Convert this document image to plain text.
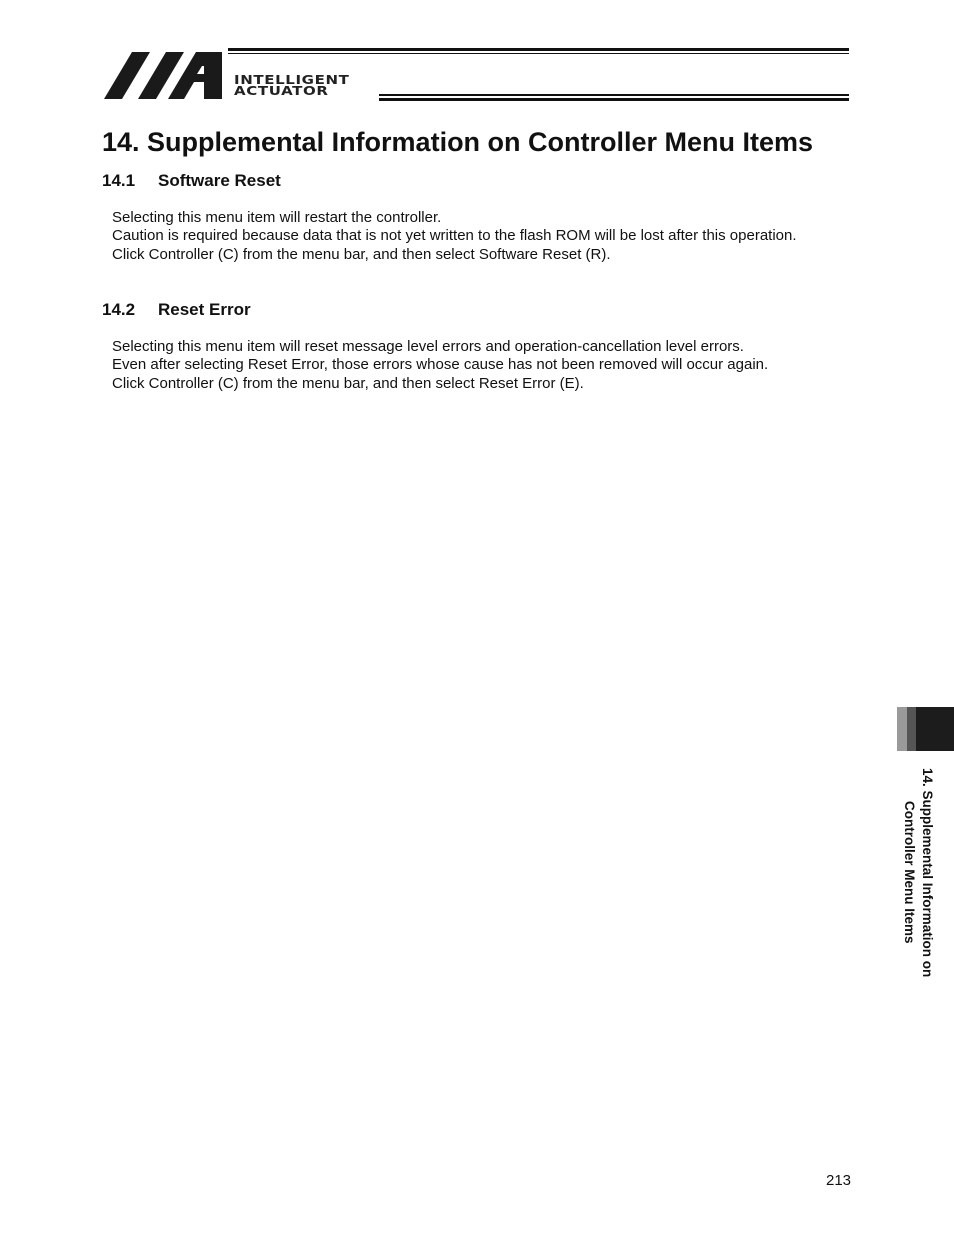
INTELLIGENT
ACTUATOR
14. Supplemental Information on Controller Menu Items
14.1 Software Reset
Selecting this menu item will restart the controller.
Caution is required because data that is not yet written to the flash ROM will be lost after this operation.
Click Controller (C) from the menu bar, and then select Software Reset (R).
14.2 Reset Error
Selecting this menu item will reset message level errors and operation-cancellation level errors.
Even after selecting Reset Error, those errors whose cause has not been removed will occur again.
Click Controller (C) from the menu bar, and then select Reset Error (E).
14. Supplemental Information on
Controller Menu Items
213
